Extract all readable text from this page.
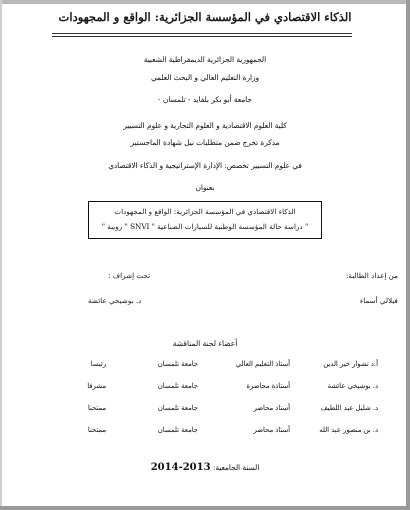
الذكاء الاقتصادي في المؤسسة الجزائرية: الواقع و المجهودات
الجمهورية الجزائرية الديمقراطية الشعبية
وزارة التعليم العالي و البحث العلمي
جامعة أبو بكر بلقايد - تلمسان -
كلية العلوم الاقتصادية و العلوم التجارية و علوم التسيير
مذكرة تخرج ضمن متطلبات نيل شهادة الماجستير
في علوم التسيير تخصص: الإدارة الإستراتيجية و الذكاء الاقتصادي
بعنوان
الذكاء الاقتصادي في المؤسسة الجزائرية: الواقع و المجهودات
" دراسة حالة المؤسسة الوطنية للسيارات الصناعية " SNVI " رويبة "
من إعداد الطالبة:
فيلالي أسماء
تحت إشراف :
د. بوشيخي عائشة
أعضاء لجنة المناقشة
أ.د تشوار خير الدين
أستاذ التعليم العالي
جامعة تلمسان
رئيسا
د. بوشيخي عائشة
أستاذة محاضرة
جامعة تلمسان
مشرفا
د. شليل عبد اللطيف
أستاذ محاضر
جامعة تلمسان
ممتحنا
د. بن منصور عبد الله
أستاذ محاضر
جامعة تلمسان
ممتحنا
السنة الجامعية: 2013-2014
